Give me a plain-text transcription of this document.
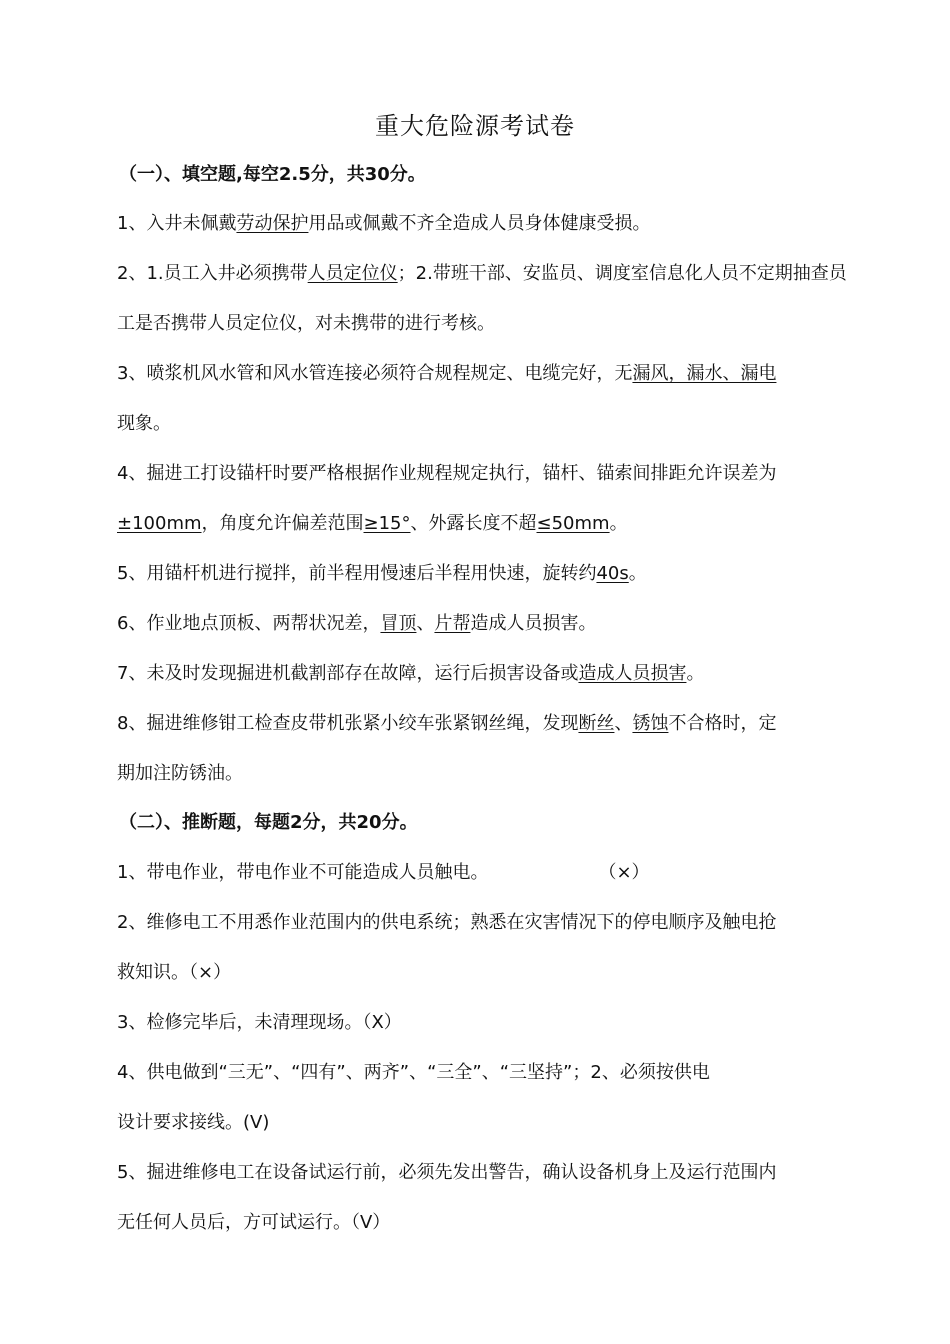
重大危险源考试卷
（一）、填空题,每空2.5分，共30分。
1、入井未佩戴劳动保护用品或佩戴不齐全造成人员身体健康受损。
2、1.员工入井必须携带人员定位仪；2.带班干部、安监员、调度室信息化人员不定期抽查员
工是否携带人员定位仪，对未携带的进行考核。
3、喷浆机风水管和风水管连接必须符合规程规定、电缆完好，无漏风，漏水、漏电
现象。
4、掘进工打设锚杆时要严格根据作业规程规定执行，锚杆、锚索间排距允许误差为
±100mm，角度允许偏差范围≥15°、外露长度不超≤50mm。
5、用锚杆机进行搅拌，前半程用慢速后半程用快速，旋转约40s。
6、作业地点顶板、两帮状况差，冒顶、片帮造成人员损害。
7、未及时发现掘进机截割部存在故障，运行后损害设备或造成人员损害。
8、掘进维修钳工检查皮带机张紧小绞车张紧钢丝绳，发现断丝、锈蚀不合格时，定
期加注防锈油。
（二）、推断题，每题2分，共20分。
1、带电作业，带电作业不可能造成人员触电。	（×）
2、维修电工不用悉作业范围内的供电系统；熟悉在灾害情况下的停电顺序及触电抢
救知识。（×）
3、检修完毕后，未清理现场。（X）
4、供电做到“三无”、“四有”、两齐”、“三全”、“三坚持”；2、必须按供电
设计要求接线。(V)
5、掘进维修电工在设备试运行前，必须先发出警告，确认设备机身上及运行范围内
无任何人员后，方可试运行。（V）
